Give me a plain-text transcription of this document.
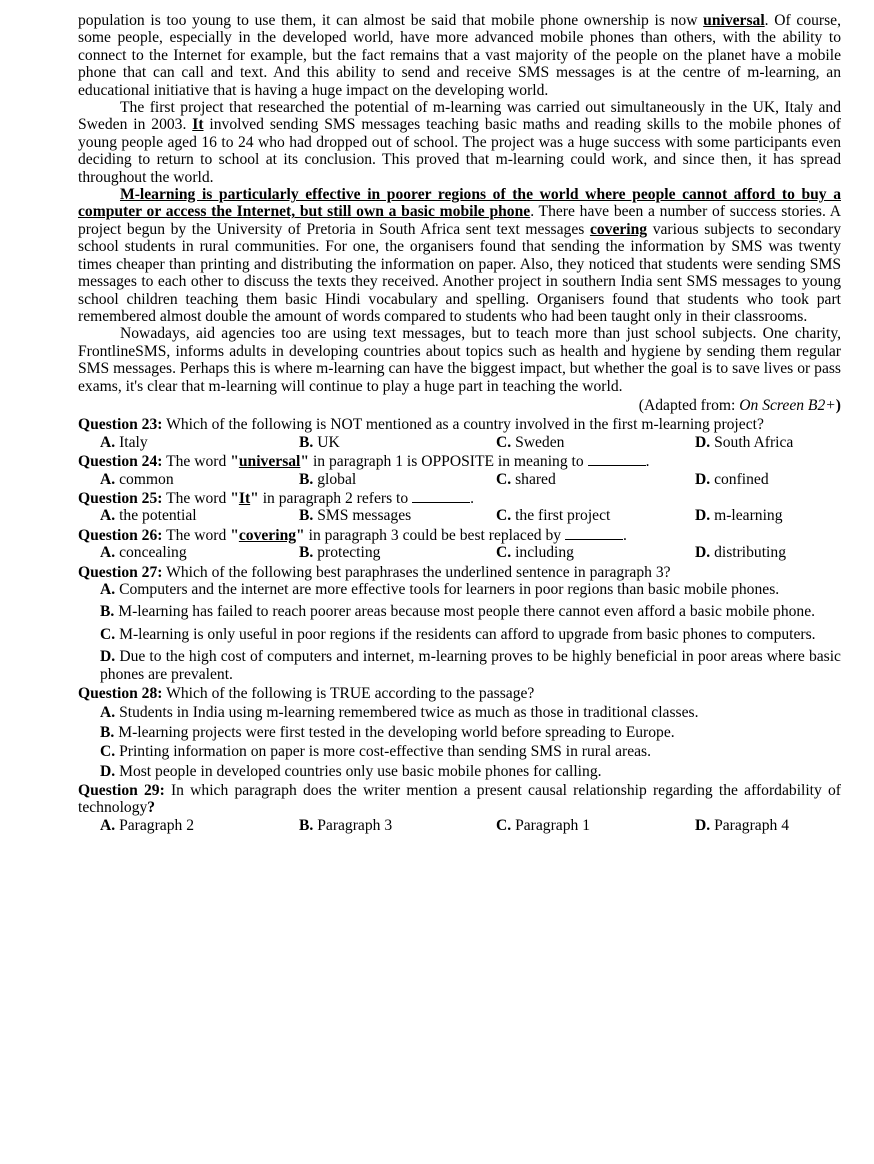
population is too young to use them, it can almost be said that mobile phone ownership is now universal. Of course, some people, especially in the developed world, have more advanced mobile phones than others, with the ability to connect to the Internet for example, but the fact remains that a vast majority of the people on the planet have a mobile phone that can call and text. And this ability to send and receive SMS messages is at the centre of m-learning, an educational initiative that is having a huge impact on the developing world.

The first project that researched the potential of m-learning was carried out simultaneously in the UK, Italy and Sweden in 2003. It involved sending SMS messages teaching basic maths and reading skills to the mobile phones of young people aged 16 to 24 who had dropped out of school. The project was a huge success with some participants even deciding to return to school at its conclusion. This proved that m-learning could work, and since then, it has spread throughout the world.

M-learning is particularly effective in poorer regions of the world where people cannot afford to buy a computer or access the Internet, but still own a basic mobile phone. There have been a number of success stories. A project begun by the University of Pretoria in South Africa sent text messages covering various subjects to secondary school students in rural communities. For one, the organisers found that sending the information by SMS was twenty times cheaper than printing and distributing the information on paper. Also, they noticed that students were sending SMS messages to each other to discuss the texts they received. Another project in southern India sent SMS messages to young school children teaching them basic Hindi vocabulary and spelling. Organisers found that students who took part remembered almost double the amount of words compared to students who had been taught only in their classrooms.

Nowadays, aid agencies too are using text messages, but to teach more than just school subjects. One charity, FrontlineSMS, informs adults in developing countries about topics such as health and hygiene by sending them regular SMS messages. Perhaps this is where m-learning can have the biggest impact, but whether the goal is to save lives or pass exams, it's clear that m-learning will continue to play a huge part in teaching the world.

(Adapted from: On Screen B2+)

Question 23: Which of the following is NOT mentioned as a country involved in the first m-learning project?

A. Italy	B. UK	C. Sweden	D. South Africa

Question 24: The word "universal" in paragraph 1 is OPPOSITE in meaning to	.

A. common	B. global	C. shared	D. confined

Question 25: The word "It" in paragraph 2 refers to	.

A. the potential	B. SMS messages	C. the first project	D. m-learning

Question 26: The word "covering" in paragraph 3 could be best replaced by	.

A. concealing	B. protecting	C. including	D. distributing

Question 27: Which of the following best paraphrases the underlined sentence in paragraph 3?

A. Computers and the internet are more effective tools for learners in poor regions than basic mobile phones.

B. M-learning has failed to reach poorer areas because most people there cannot even afford a basic mobile phone.

C. M-learning is only useful in poor regions if the residents can afford to upgrade from basic phones to computers.

D. Due to the high cost of computers and internet, m-learning proves to be highly beneficial in poor areas where basic phones are prevalent.

Question 28: Which of the following is TRUE according to the passage?

A. Students in India using m-learning remembered twice as much as those in traditional classes.

B. M-learning projects were first tested in the developing world before spreading to Europe.

C. Printing information on paper is more cost-effective than sending SMS in rural areas.

D. Most people in developed countries only use basic mobile phones for calling.

Question 29: In which paragraph does the writer mention a present causal relationship regarding the affordability of technology?

A. Paragraph 2	B. Paragraph 3	C. Paragraph 1	D. Paragraph 4
